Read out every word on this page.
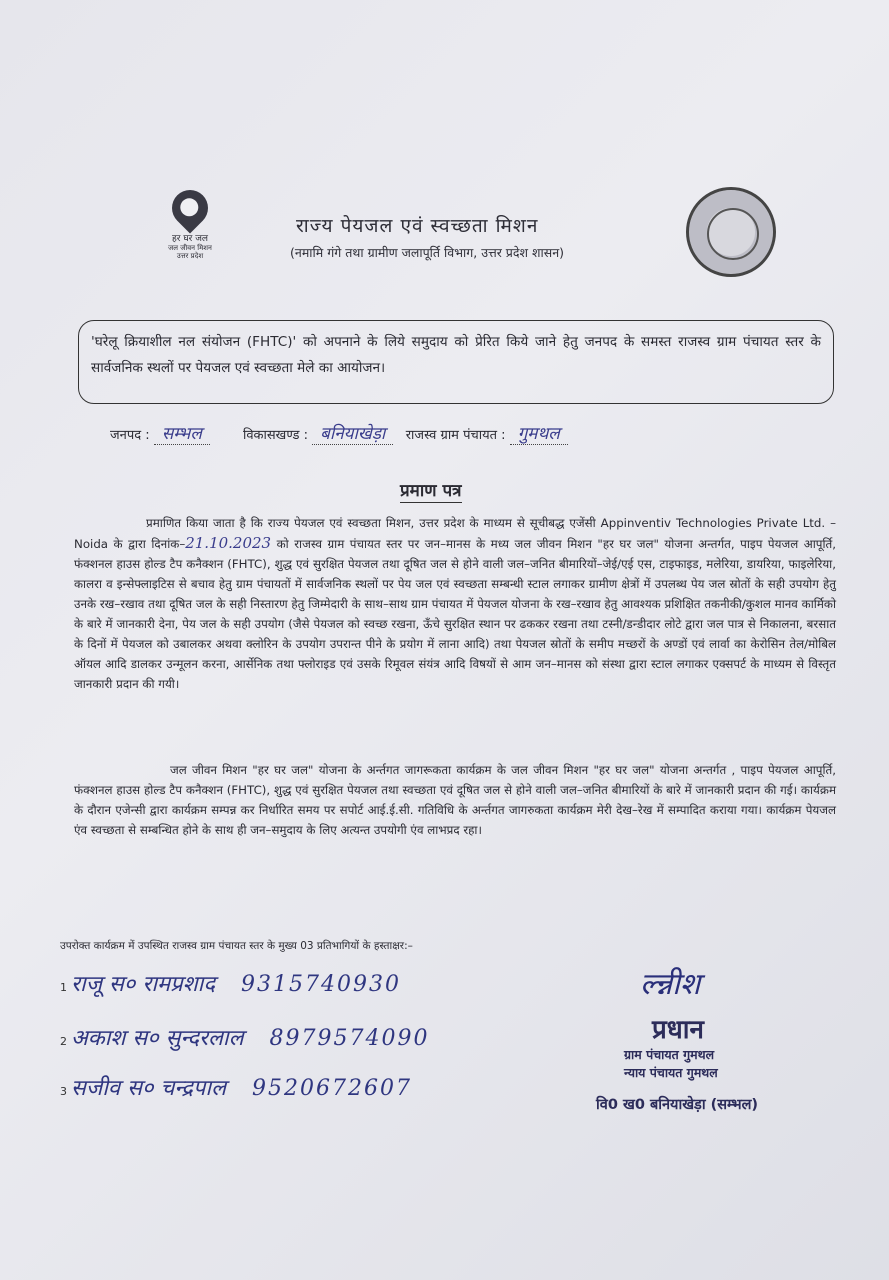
हर घर जल
जल जीवन मिशन
उत्तर प्रदेश
राज्य पेयजल एवं स्वच्छता मिशन
(नमामि गंगे तथा ग्रामीण जलापूर्ति विभाग, उत्तर प्रदेश शासन)
'घरेलू क्रियाशील नल संयोजन (FHTC)' को अपनाने के लिये समुदाय को प्रेरित किये जाने हेतु जनपद के समस्त राजस्व ग्राम पंचायत स्तर के सार्वजनिक स्थलों पर पेयजल एवं स्वच्छता मेले का आयोजन।
जनपद : सम्भल	विकासखण्ड : बनियाखेड़ा राजस्व ग्राम पंचायत : गुमथल
प्रमाण पत्र
प्रमाणित किया जाता है कि राज्य पेयजल एवं स्वच्छता मिशन, उत्तर प्रदेश के माध्यम से सूचीबद्ध एजेंसी Appinventiv Technologies Private Ltd. – Noida के द्वारा दिनांक–21.10.2023 को राजस्व ग्राम पंचायत स्तर पर जन–मानस के मध्य जल जीवन मिशन "हर घर जल" योजना अन्तर्गत, पाइप पेयजल आपूर्ति, फंक्शनल हाउस होल्ड टैप कनैक्शन (FHTC), शुद्ध एवं सुरक्षित पेयजल तथा दूषित जल से होने वाली जल–जनित बीमारियों–जेई/एई एस, टाइफाइड, मलेरिया, डायरिया, फाइलेरिया, कालरा व इन्सेफ्लाइटिस से बचाव हेतु ग्राम पंचायतों में सार्वजनिक स्थलों पर पेय जल एवं स्वच्छता सम्बन्धी स्टाल लगाकर ग्रामीण क्षेत्रों में उपलब्ध पेय जल स्रोतों के सही उपयोग हेतु उनके रख–रखाव तथा दूषित जल के सही निस्तारण हेतु जिम्मेदारी के साथ–साथ ग्राम पंचायत में पेयजल योजना के रख–रखाव हेतु आवश्यक प्रशिक्षित तकनीकी/कुशल मानव कार्मिको के बारे में जानकारी देना, पेय जल के सही उपयोग (जैसे पेयजल को स्वच्छ रखना, ऊँचे सुरक्षित स्थान पर ढककर रखना तथा टस्नी/डन्डीदार लोटे द्वारा जल पात्र से निकालना, बरसात के दिनों में पेयजल को उबालकर अथवा क्लोरिन के उपयोग उपरान्त पीने के प्रयोग में लाना आदि) तथा पेयजल स्रोतों के समीप मच्छरों के अण्डों एवं लार्वा का केरोसिन तेल/मोबिल ऑयल आदि डालकर उन्मूलन करना, आर्सेनिक तथा फ्लोराइड एवं उसके रिमूवल संयंत्र आदि विषयों से आम जन–मानस को संस्था द्वारा स्टाल लगाकर एक्सपर्ट के माध्यम से विस्तृत जानकारी प्रदान की गयी।
जल जीवन मिशन "हर घर जल" योजना के अर्न्तगत जागरूकता कार्यक्रम के जल जीवन मिशन "हर घर जल" योजना अन्तर्गत , पाइप पेयजल आपूर्ति, फंक्शनल हाउस होल्ड टैप कनैक्शन (FHTC), शुद्ध एवं सुरक्षित पेयजल तथा स्वच्छता एवं दूषित जल से होने वाली जल–जनित बीमारियों के बारे में जानकारी प्रदान की गई। कार्यक्रम के दौरान एजेन्सी द्वारा कार्यक्रम सम्पन्न कर निर्धारित समय पर सपोर्ट आई.ई.सी. गतिविधि के अर्न्तगत जागरुकता कार्यक्रम मेरी देख–रेख में सम्पादित कराया गया। कार्यक्रम पेयजल एंव स्वच्छता से सम्बन्धित होने के साथ ही जन–समुदाय के लिए अत्यन्त उपयोगी एंव लाभप्रद रहा।
उपरोक्त कार्यक्रम में उपस्थित राजस्व ग्राम पंचायत स्तर के मुख्य 03 प्रतिभागियों के हस्ताक्षर:–
1 राजू स० रामप्रशाद 9315740930
2 अकाश स० सुन्दरलाल 8979574090
3 सजीव स० चन्द्रपाल 9520672607
ल्न्नीश
प्रधान
ग्राम पंचायत गुमथल
न्याय पंचायत गुमथल
वि0 ख0 बनियाखेड़ा (सम्भल)
